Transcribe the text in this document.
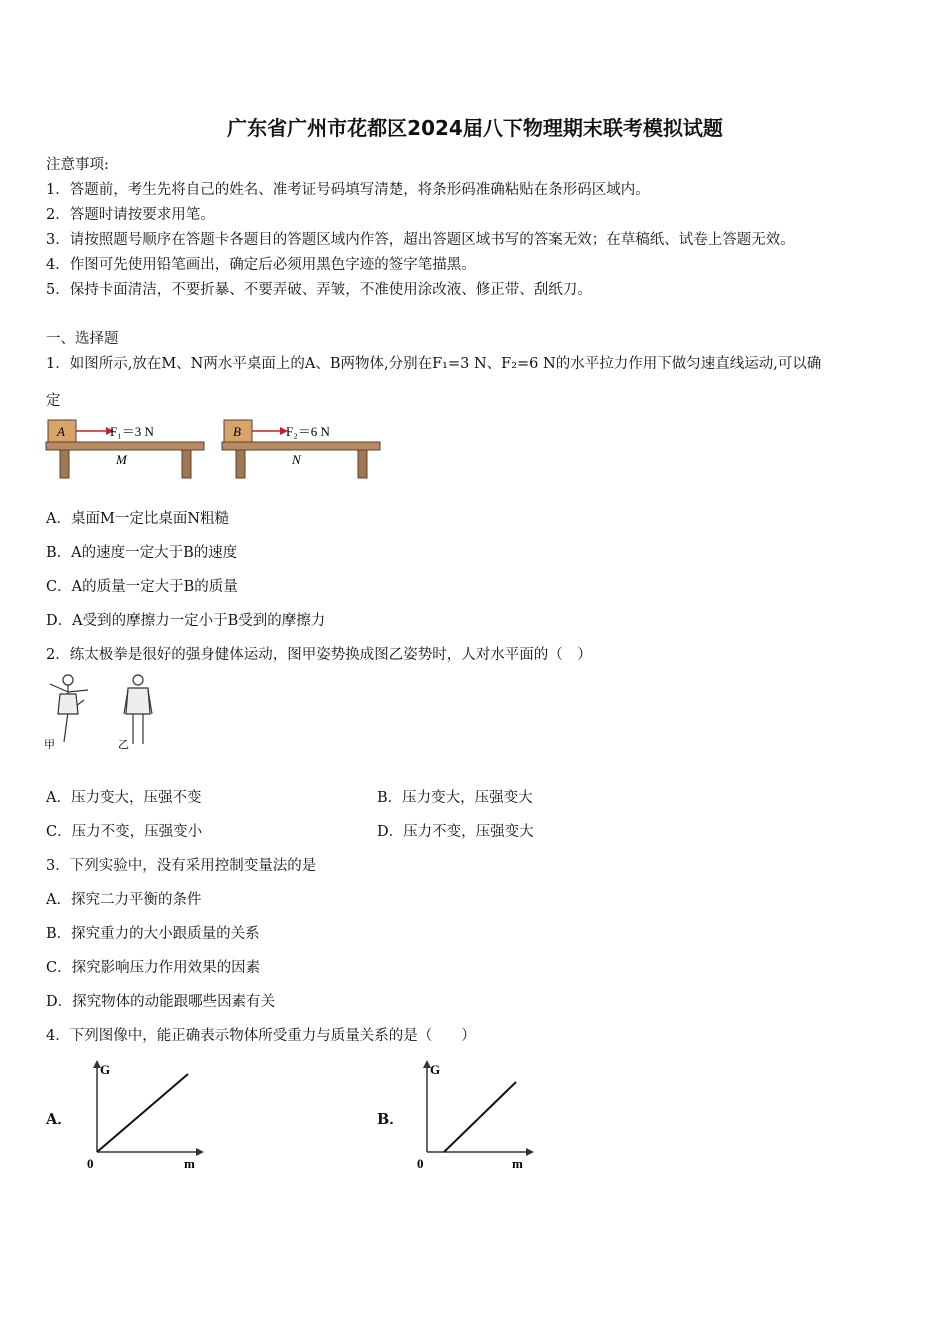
广东省广州市花都区2024届八下物理期末联考模拟试题
注意事项:
1．答题前，考生先将自己的姓名、准考证号码填写清楚，将条形码准确粘贴在条形码区域内。
2．答题时请按要求用笔。
3．请按照题号顺序在答题卡各题目的答题区域内作答，超出答题区域书写的答案无效；在草稿纸、试卷上答题无效。
4．作图可先使用铅笔画出，确定后必须用黑色字迹的签字笔描黑。
5．保持卡面清洁，不要折暴、不要弄破、弄皱，不准使用涂改液、修正带、刮纸刀。
一、选择题
1．如图所示,放在M、N两水平桌面上的A、B两物体,分别在F₁=3 N、F₂=6 N的水平拉力作用下做匀速直线运动,可以确
定
A	F₁＝3 N
M
B	F₂＝6 N
N
A．桌面M一定比桌面N粗糙
B．A的速度一定大于B的速度
C．A的质量一定大于B的质量
D．A受到的摩擦力一定小于B受到的摩擦力
2．练太极拳是很好的强身健体运动，图甲姿势换成图乙姿势时，人对水平面的（　）
甲	乙
A．压力变大，压强不变	B．压力变大，压强变大
C．压力不变，压强变小	D．压力不变，压强变大
3．下列实验中，没有采用控制变量法的是
A．探究二力平衡的条件
B．探究重力的大小跟质量的关系
C．探究影响压力作用效果的因素
D．探究物体的动能跟哪些因素有关
4．下列图像中，能正确表示物体所受重力与质量关系的是（　　）
A．
G
m
0
B．
G
m
0
